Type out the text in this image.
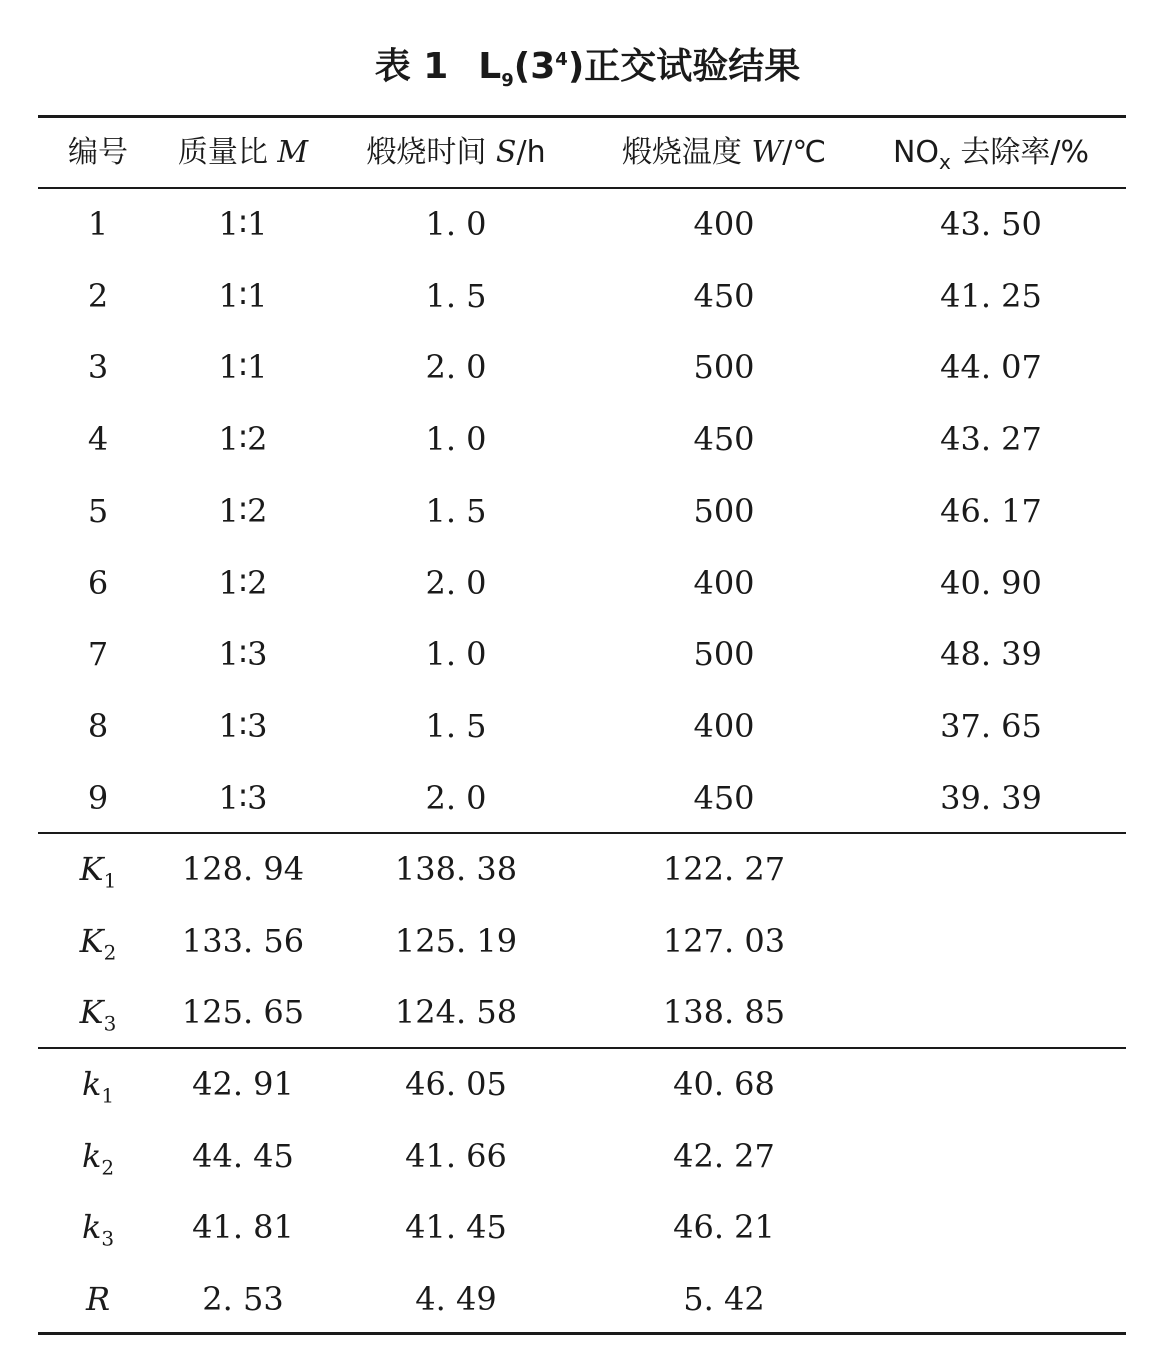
表 1 $L_9(3^4)$正交试验结果
编号	质量比 M	煅烧时间 S/h	煅烧温度 W/℃	$NO_x$ 去除率/%
1	1∶1	1. 0	400	43. 50
2	1∶1	1. 5	450	41. 25
3	1∶1	2. 0	500	44. 07
4	1∶2	1. 0	450	43. 27
5	1∶2	1. 5	500	46. 17
6	1∶2	2. 0	400	40. 90
7	1∶3	1. 0	500	48. 39
8	1∶3	1. 5	400	37. 65
9	1∶3	2. 0	450	39. 39
$K_1$	128. 94	138. 38	122. 27
$K_2$	133. 56	125. 19	127. 03
$K_3$	125. 65	124. 58	138. 85
$k_1$	42. 91	46. 05	40. 68
$k_2$	44. 45	41. 66	42. 27
$k_3$	41. 81	41. 45	46. 21
R	2. 53	4. 49	5. 42
